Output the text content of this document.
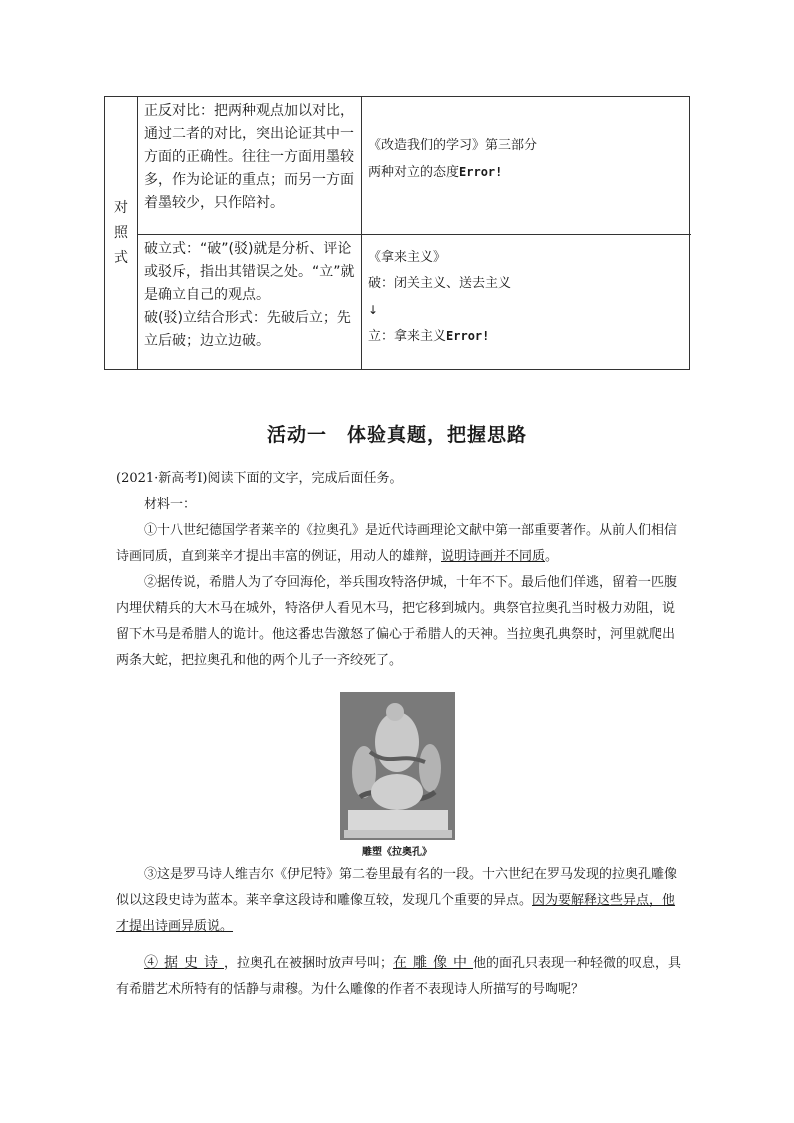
对
照
式
正反对比：把两种观点加以对比，通过二者的对比，突出论证其中一方面的正确性。往往一方面用墨较多，作为论证的重点；而另一方面着墨较少，只作陪衬。
《改造我们的学习》第三部分
两种对立的态度Error!
破立式：“破”(驳)就是分析、评论或驳斥，指出其错误之处。“立”就是确立自己的观点。
破(驳)立结合形式：先破后立；先立后破；边立边破。
《拿来主义》
破：闭关主义、送去主义
↓
立：拿来主义Error!
活动一　体验真题，把握思路

(2021·新高考Ⅰ)阅读下面的文字，完成后面任务。

材料一：

①十八世纪德国学者莱辛的《拉奥孔》是近代诗画理论文献中第一部重要著作。从前人们相信诗画同质，直到莱辛才提出丰富的例证，用动人的雄辩，说明诗画并不同质。

②据传说，希腊人为了夺回海伦，举兵围攻特洛伊城，十年不下。最后他们佯逃，留着一匹腹内埋伏精兵的大木马在城外，特洛伊人看见木马，把它移到城内。典祭官拉奥孔当时极力劝阻，说留下木马是希腊人的诡计。他这番忠告激怒了偏心于希腊人的天神。当拉奥孔典祭时，河里就爬出两条大蛇，把拉奥孔和他的两个儿子一齐绞死了。

雕塑《拉奥孔》

③这是罗马诗人维吉尔《伊尼特》第二卷里最有名的一段。十六世纪在罗马发现的拉奥孔雕像似以这段史诗为蓝本。莱辛拿这段诗和雕像互较，发现几个重要的异点。因为要解释这些异点，他才提出诗画异质说。

④据史诗，拉奥孔在被捆时放声号叫；在雕像中他的面孔只表现一种轻微的叹息，具有希腊艺术所特有的恬静与肃穆。为什么雕像的作者不表现诗人所描写的号啕呢？
